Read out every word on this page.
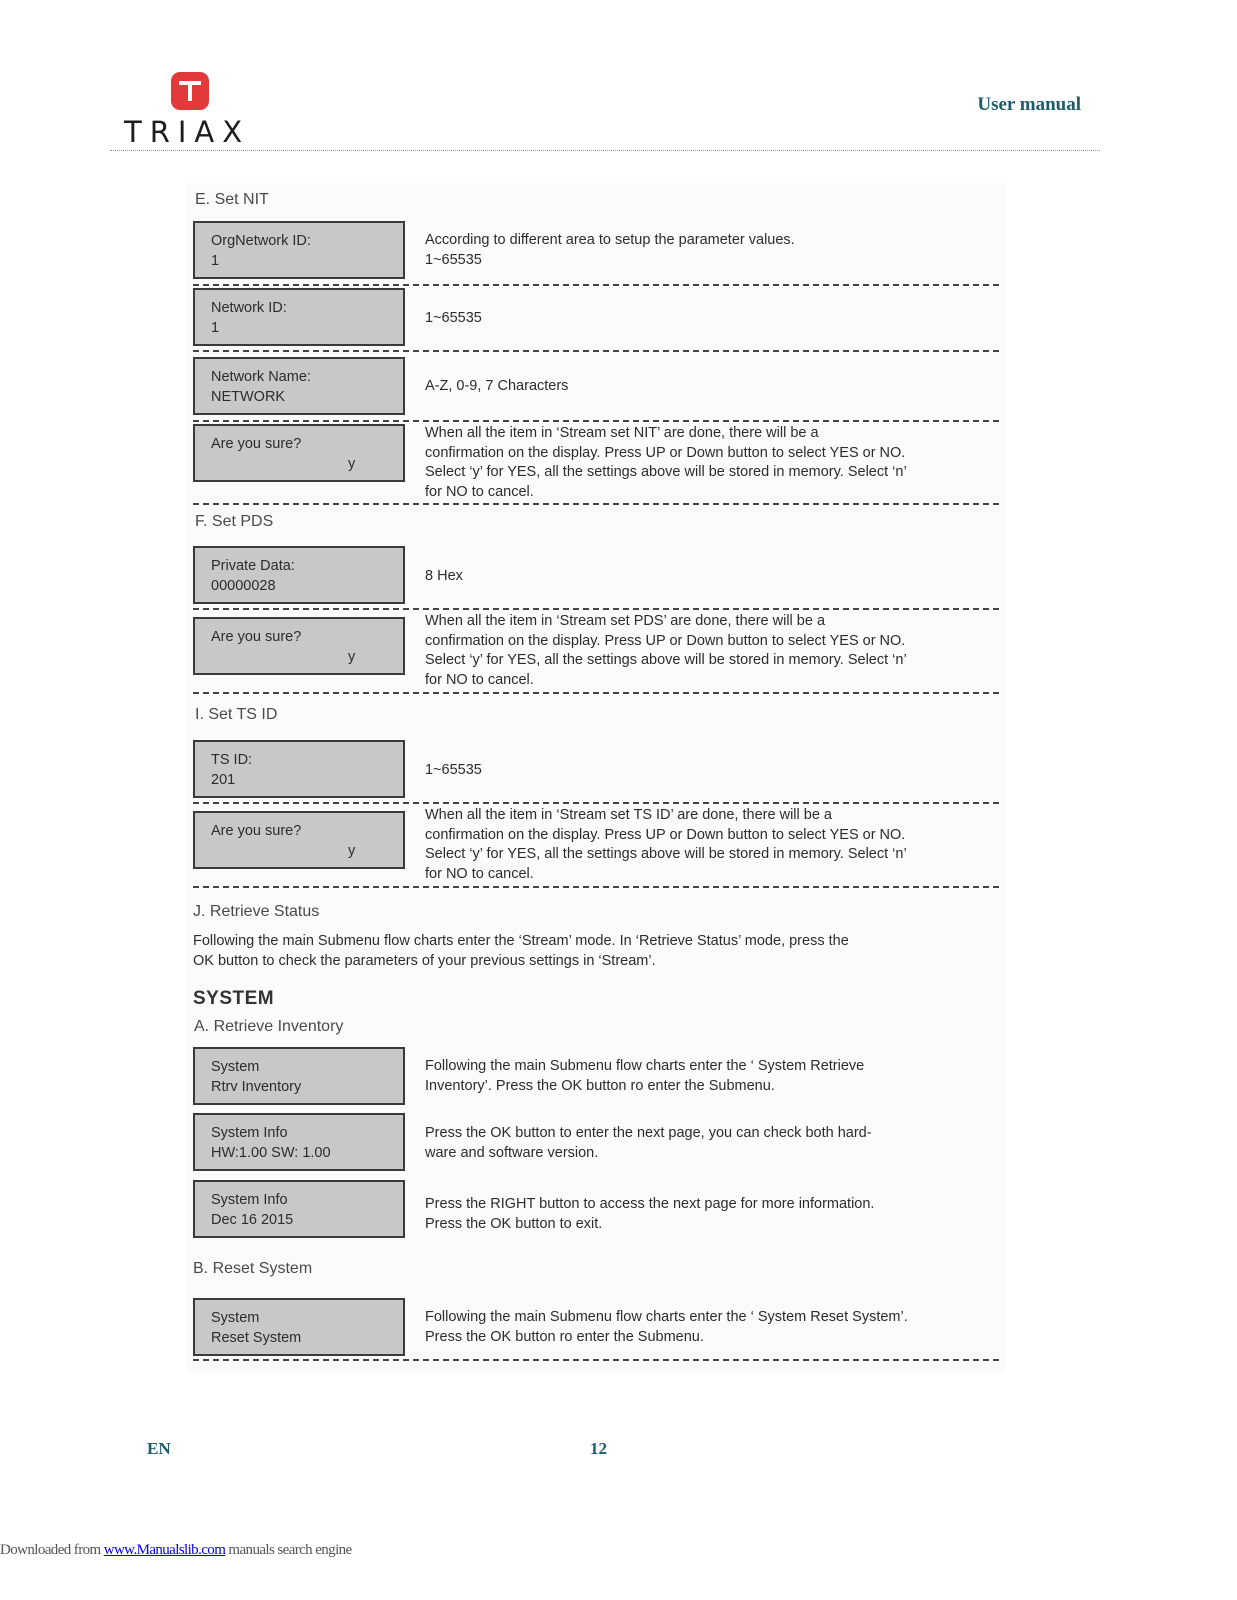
TRIAX
User manual
E. Set NIT
OrgNetwork ID:
1
According to different area to setup the parameter values.
1~65535
Network ID:
1
1~65535
Network Name:
NETWORK
A-Z, 0-9, 7 Characters
Are you sure?
y
When all the item in ‘Stream set NIT’ are done, there will be a
confirmation on the display. Press UP or Down button to select YES or NO.
Select ‘y’ for YES, all the settings above will be stored in memory. Select ‘n’
for NO to cancel.
F. Set PDS
Private Data:
00000028
8 Hex
Are you sure?
y
When all the item in ‘Stream set PDS’ are done, there will be a
confirmation on the display. Press UP or Down button to select YES or NO.
Select ‘y’ for YES, all the settings above will be stored in memory. Select ‘n’
for NO to cancel.
I. Set TS ID
TS ID:
201
1~65535
Are you sure?
y
When all the item in ‘Stream set TS ID’ are done, there will be a
confirmation on the display. Press UP or Down button to select YES or NO.
Select ‘y’ for YES, all the settings above will be stored in memory. Select ‘n’
for NO to cancel.
J. Retrieve Status
Following the main Submenu flow charts enter the ‘Stream’ mode. In ‘Retrieve Status’ mode, press the
OK button to check the parameters of your previous settings in ‘Stream’.
SYSTEM
A. Retrieve Inventory
System
Rtrv Inventory
Following the main Submenu flow charts enter the ‘ System Retrieve
Inventory’. Press the OK button ro enter the Submenu.
System Info
HW:1.00 SW: 1.00
Press the OK button to enter the next page, you can check both hard-
ware and software version.
System Info
Dec 16 2015
Press the RIGHT button to access the next page for more information.
Press the OK button to exit.
B. Reset System
System
Reset System
Following the main Submenu flow charts enter the ‘ System Reset System’.
Press the OK button ro enter the Submenu.
EN	12
Downloaded from www.Manualslib.com manuals search engine
